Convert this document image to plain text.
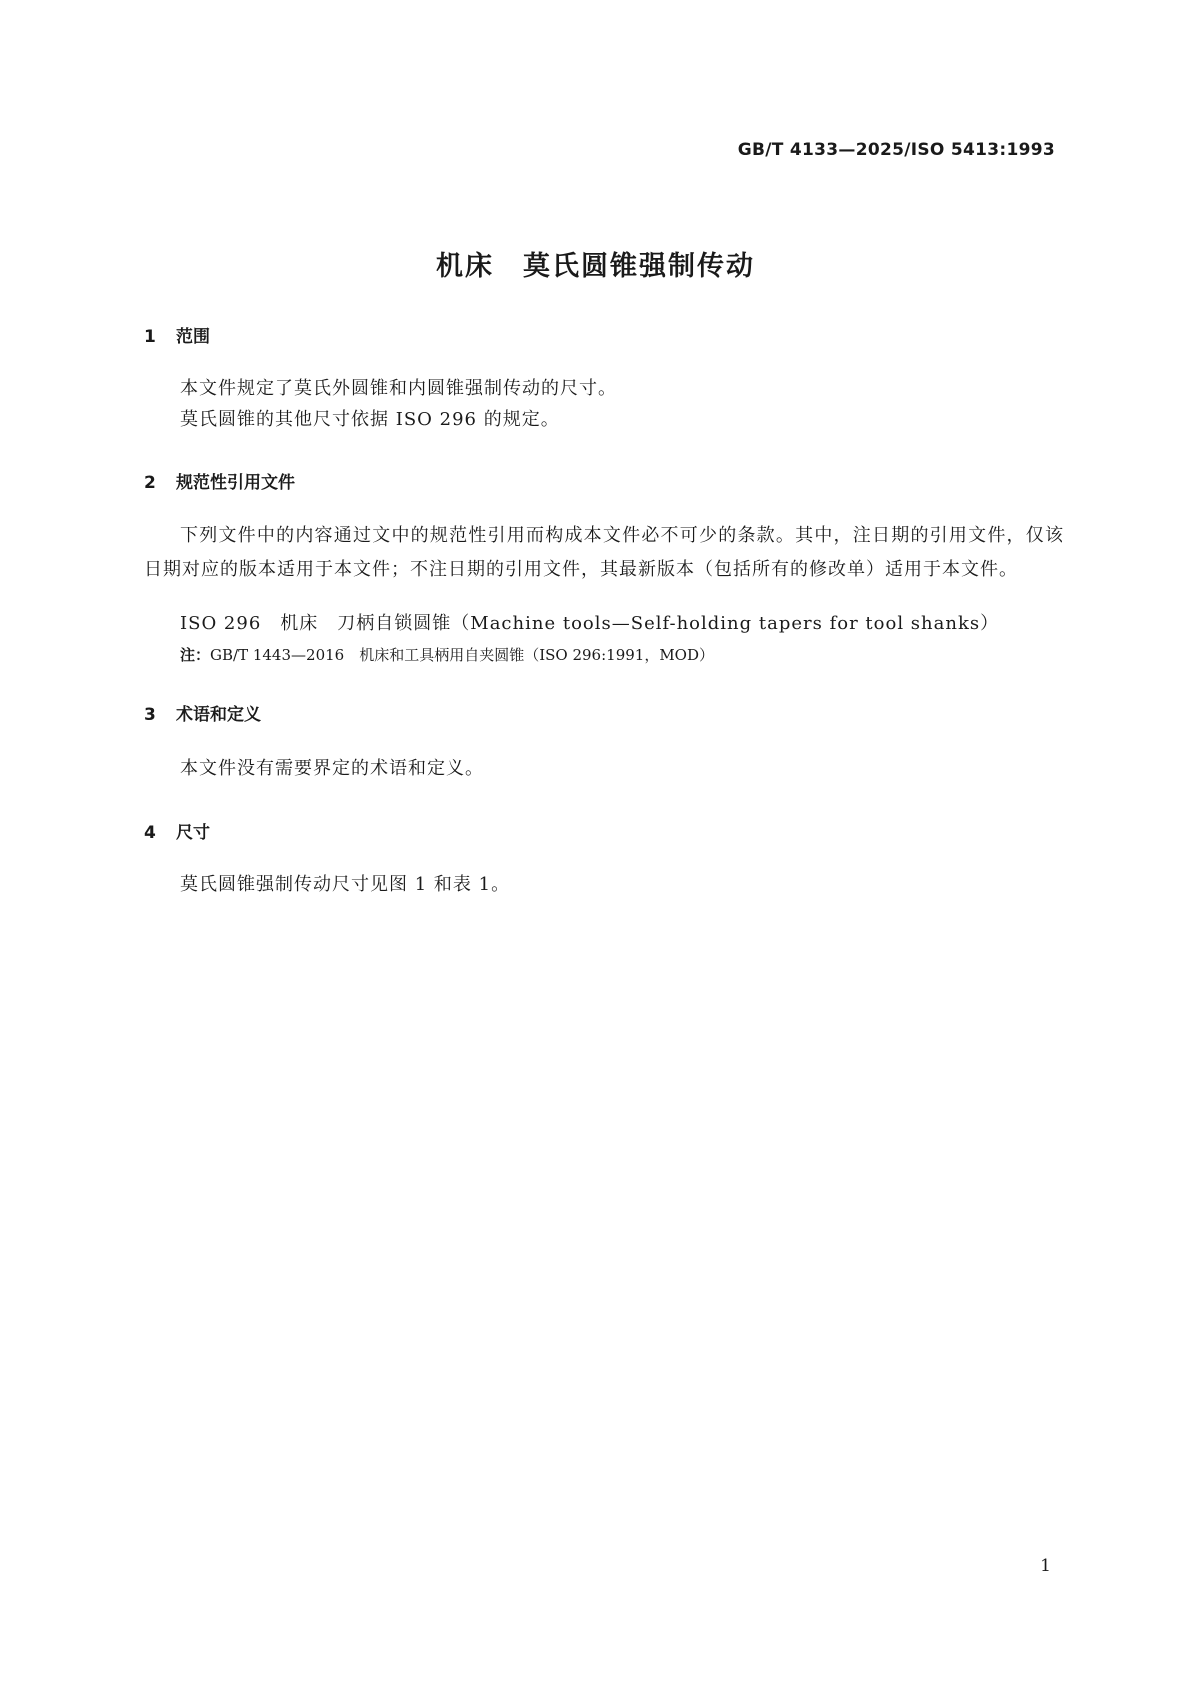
GB/T 4133—2025/ISO 5413:1993
机床　莫氏圆锥强制传动
1 范围
本文件规定了莫氏外圆锥和内圆锥强制传动的尺寸。
莫氏圆锥的其他尺寸依据 ISO 296 的规定。
2 规范性引用文件
下列文件中的内容通过文中的规范性引用而构成本文件必不可少的条款。其中，注日期的引用文件，仅该日期对应的版本适用于本文件；不注日期的引用文件，其最新版本（包括所有的修改单）适用于本文件。
ISO 296　机床　刀柄自锁圆锥（Machine tools—Self-holding tapers for tool shanks）
注：GB/T 1443—2016　机床和工具柄用自夹圆锥（ISO 296:1991，MOD）
3 术语和定义
本文件没有需要界定的术语和定义。
4 尺寸
莫氏圆锥强制传动尺寸见图 1 和表 1。
1
